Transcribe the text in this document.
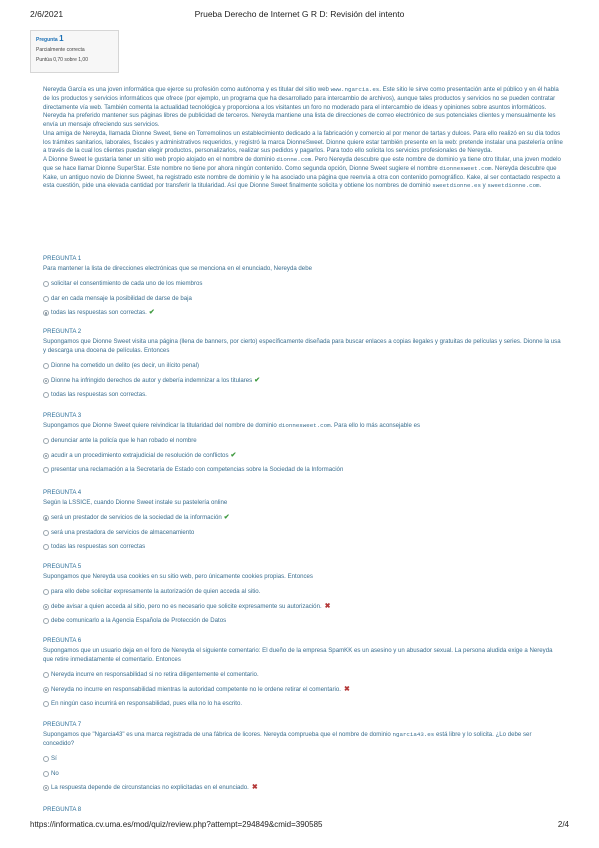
2/6/2021	Prueba Derecho de Internet G R D: Revisión del intento
Pregunta 1
Parcialmente correcta
Puntúa 0,70 sobre 1,00

Nereyda García es una joven informática que ejerce su profesión como autónoma y es titular del sitio web www.ngarcia.es. Este sitio le sirve como presentación ante el público y en él habla de los productos y servicios informáticos que ofrece (por ejemplo, un programa que ha desarrollado para intercambio de archivos), aunque tales productos y servicios no se pueden contratar directamente vía web. También comenta la actualidad tecnológica y proporciona a los visitantes un foro no moderado para el intercambio de ideas y opiniones sobre asuntos informáticos. Nereyda ha preferido mantener sus páginas libres de publicidad de terceros. Nereyda mantiene una lista de direcciones de correo electrónico de sus potenciales clientes y mensualmente les envía un mensaje ofreciendo sus servicios.

Una amiga de Nereyda, llamada Dionne Sweet, tiene en Torremolinos un establecimiento dedicado a la fabricación y comercio al por menor de tartas y dulces. Para ello realizó en su día todos los trámites sanitarios, laborales, fiscales y administrativos requeridos, y registró la marca DionneSweet. Dionne quiere estar también presente en la web: pretende instalar una pastelería online a través de la cual los clientes puedan elegir productos, personalizarlos, realizar sus pedidos y pagarlos. Para todo ello solicita los servicios profesionales de Nereyda.

A Dionne Sweet le gustaría tener un sitio web propio alojado en el nombre de dominio dionne.com. Pero Nereyda descubre que este nombre de dominio ya tiene otro titular, una joven modelo que se hace llamar Dionne SuperStar. Este nombre no tiene por ahora ningún contenido. Como segunda opción, Dionne Sweet sugiere el nombre dionnesweet.com. Nereyda descubre que Kake, un antiguo novio de Dionne Sweet, ha registrado este nombre de dominio y le ha asociado una página que reenvía a otra con contenido pornográfico. Kake, al ser contactado respecto a esta cuestión, pide una elevada cantidad por transferir la titularidad. Así que Dionne Sweet finalmente solicita y obtiene los nombres de dominio sweetdionne.es y sweetdionne.com.

PREGUNTA 1
Para mantener la lista de direcciones electrónicas que se menciona en el enunciado, Nereyda debe
solicitar el consentimiento de cada uno de los miembros
dar en cada mensaje la posibilidad de darse de baja
todas las respuestas son correctas. ✔
PREGUNTA 2
Supongamos que Dionne Sweet visita una página (llena de banners, por cierto) específicamente diseñada para buscar enlaces a copias ilegales y gratuitas de películas y series. Dionne la usa y descarga una docena de películas. Entonces
Dionne ha cometido un delito (es decir, un ilícito penal)
Dionne ha infringido derechos de autor y debería indemnizar a los titulares ✔
todas las respuestas son correctas.
PREGUNTA 3
Supongamos que Dionne Sweet quiere reivindicar la titularidad del nombre de dominio dionnesweet.com. Para ello lo más aconsejable es
denunciar ante la policía que le han robado el nombre
acudir a un procedimiento extrajudicial de resolución de conflictos ✔
presentar una reclamación a la Secretaría de Estado con competencias sobre la Sociedad de la Información
PREGUNTA 4
Según la LSSICE, cuando Dionne Sweet instale su pastelería online
será un prestador de servicios de la sociedad de la información ✔
será una prestadora de servicios de almacenamiento
todas las respuestas son correctas
PREGUNTA 5
Supongamos que Nereyda usa cookies en su sitio web, pero únicamente cookies propias. Entonces
para ello debe solicitar expresamente la autorización de quien acceda al sitio.
debe avisar a quien acceda al sitio, pero no es necesario que solicite expresamente su autorización. ✖
debe comunicarlo a la Agencia Española de Protección de Datos
PREGUNTA 6
Supongamos que un usuario deja en el foro de Nereyda el siguiente comentario: El dueño de la empresa SpamKK es un asesino y un abusador sexual. La persona aludida exige a Nereyda que retire inmediatamente el comentario. Entonces
Nereyda incurre en responsabilidad si no retira diligentemente el comentario.
Nereyda no incurre en responsabilidad mientras la autoridad competente no le ordene retirar el comentario. ✖
En ningún caso incurrirá en responsabilidad, pues ella no lo ha escrito.
PREGUNTA 7
Supongamos que "Ngarcia43" es una marca registrada de una fábrica de licores. Nereyda comprueba que el nombre de dominio ngarcia43.es está libre y lo solicita. ¿Lo debe ser concedido?
Sí
No
La respuesta depende de circunstancias no explicitadas en el enunciado. ✖
PREGUNTA 8
https://informatica.cv.uma.es/mod/quiz/review.php?attempt=294849&cmid=390585	2/4
